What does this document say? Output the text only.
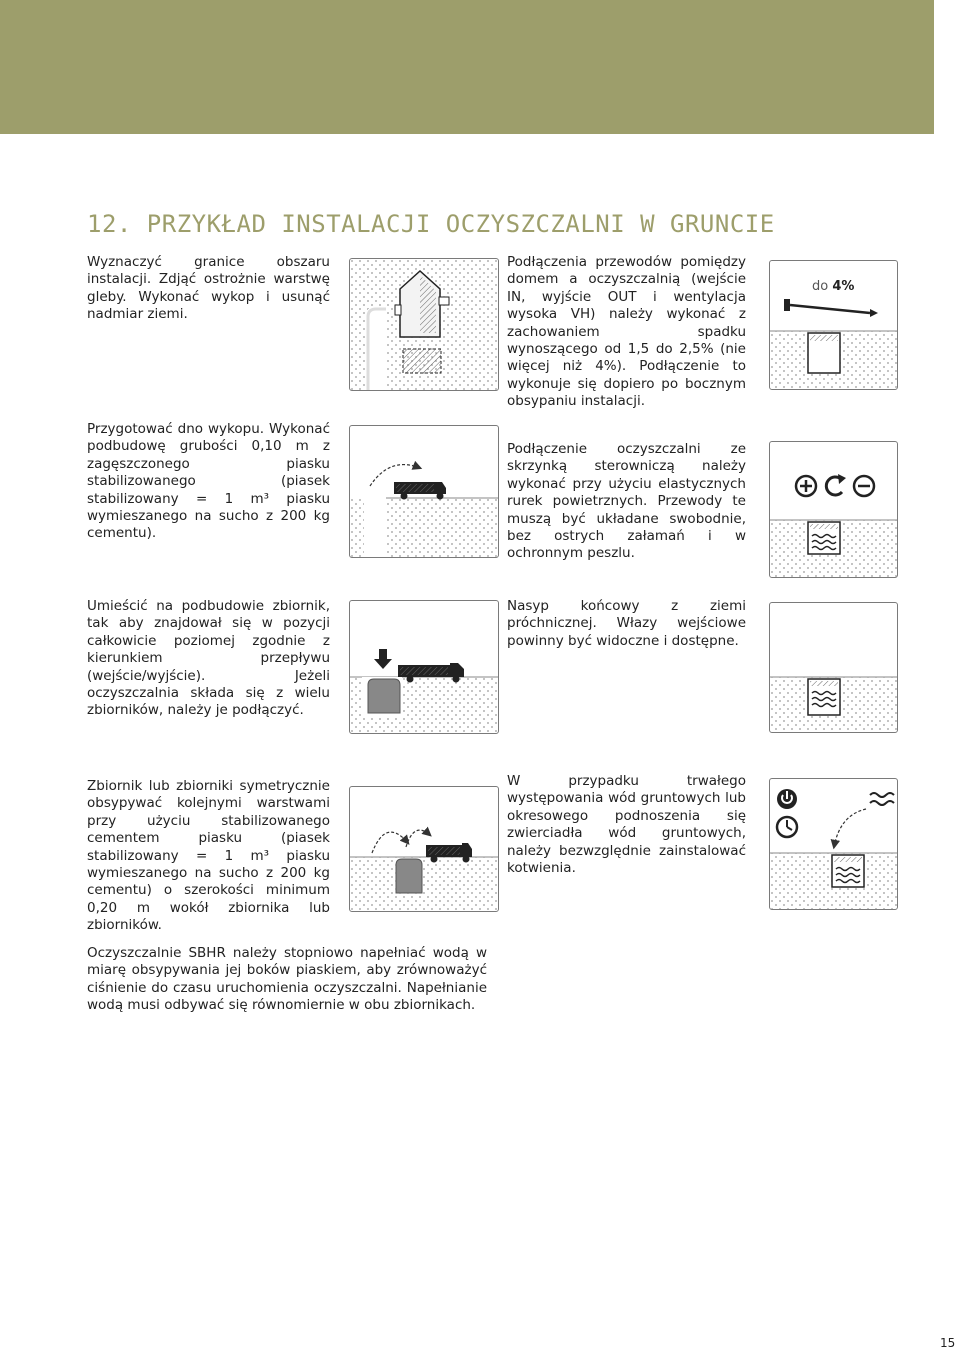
12. PRZYKŁAD INSTALACJI OCZYSZCZALNI W GRUNCIE

Wyznaczyć granice obszaru instalacji. Zdjąć ostrożnie warstwę gleby. Wykonać wykop i usunąć nadmiar ziemi.

Podłączenia przewodów pomiędzy domem a oczyszczalnią (wejście IN, wyjście OUT i wentylacja wysoka VH) należy wykonać z zachowaniem spadku wynoszącego od 1,5 do 2,5% (nie więcej niż 4%). Podłączenie to wykonuje się dopiero po bocznym obsypaniu instalacji.

do 4%

Przygotować dno wykopu. Wykonać podbudowę grubości 0,10 m z zagęszczonego piasku stabilizowanego (piasek stabilizowany = 1 m³ piasku wymieszanego na sucho z 200 kg cementu).

Podłączenie oczyszczalni ze skrzynką sterowniczą należy wykonać przy użyciu elastycznych rurek powietrznych. Przewody te muszą być układane swobodnie, bez ostrych załamań i w ochronnym peszlu.

Umieścić na podbudowie zbiornik, tak aby znajdował się w pozycji całkowicie poziomej zgodnie z kierunkiem przepływu (wejście/wyjście). Jeżeli oczyszczalnia składa się z wielu zbiorników, należy je podłączyć.

Nasyp końcowy z ziemi próchnicznej. Włazy wejściowe powinny być widoczne i dostępne.

Zbiornik lub zbiorniki symetrycznie obsypywać kolejnymi warstwami przy użyciu stabilizowanego cementem piasku (piasek stabilizowany = 1 m³ piasku wymieszanego na sucho z 200 kg cementu) o szerokości minimum 0,20 m wokół zbiornika lub zbiorników.

W przypadku trwałego występowania wód gruntowych lub okresowego podnoszenia się zwierciadła wód gruntowych, należy bezwzględnie zainstalować kotwienia.

Oczyszczalnie SBHR należy stopniowo napełniać wodą w miarę obsypywania jej boków piaskiem, aby zrównoważyć ciśnienie do czasu uruchomienia oczyszczalni. Napełnianie wodą musi odbywać się równomiernie w obu zbiornikach.

15
